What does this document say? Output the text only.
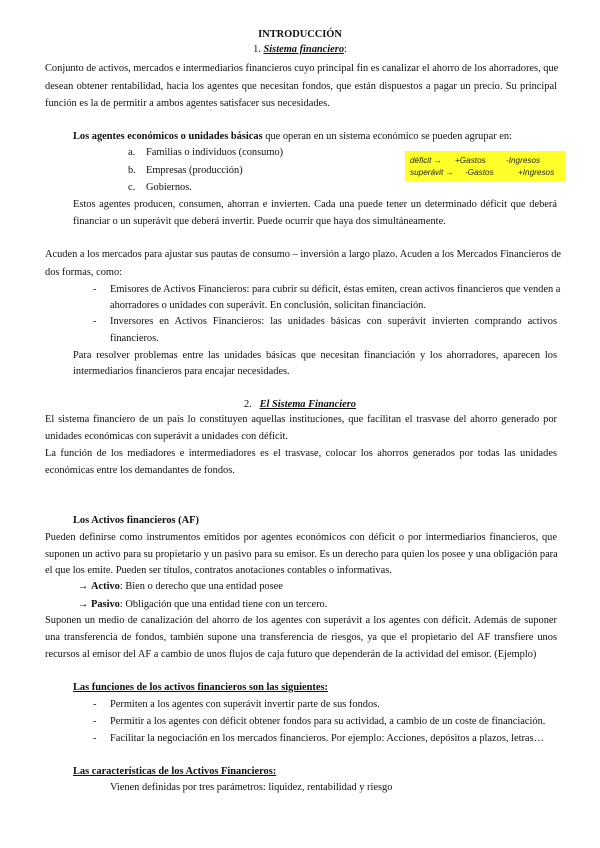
INTRODUCCIÓN
1. Sistema financiero:
Conjunto de activos, mercados e intermediarios financieros cuyo principal fin es canalizar el ahorro de los ahorradores, que
desean obtener rentabilidad, hacia los agentes que necesitan fondos, que están dispuestos a pagar un precio. Su principal
función es la de permitir a ambos agentes satisfacer sus necesidades.
Los agentes económicos o unidades básicas que operan en un sistema económico se pueden agrupar en:
a. Familias o individuos (consumo)
b. Empresas (producción)
c. Gobiernos.
déficit → +Gastos -Ingresos
superávit → -Gastos	+Ingresos
Estos agentes producen, consumen, ahorran e invierten. Cada una puede tener un determinado déficit que deberá
financiar o un superávit que deberá invertir. Puede ocurrir que haya dos simultáneamente.
Acuden a los mercados para ajustar sus pautas de consumo – inversión a largo plazo. Acuden a los Mercados Financieros de
dos formas, como:
- Emisores de Activos Financieros: para cubrir su déficit, éstas emiten, crean activos financieros que venden a
ahorradores o unidades con superávit. En conclusión, solicitan financiación.
- Inversores en Activos Financieros: las unidades básicas con superávit invierten comprando activos
financieros.
Para resolver problemas entre las unidades básicas que necesitan financiación y los ahorradores, aparecen los
intermediarios financieros para encajar necesidades.
2. El Sistema Financiero
El sistema financiero de un país lo constituyen aquellas instituciones, que facilitan el trasvase del ahorro generado por
unidades económicas con superávit a unidades con déficit.
La función de los mediadores e intermediadores es el trasvase, colocar los ahorros generados por todas las unidades
económicas entre los demandantes de fondos.
Los Activos financieros (AF)
Pueden definirse como instrumentos emitidos por agentes económicos con déficit o por intermediarios financieros, que
suponen un activo para su propietario y un pasivo para su emisor. Es un derecho para quien los posee y una obligación para
el que los emite. Pueden ser títulos, contratos anotaciones contables o informativas.
→ Activo: Bien o derecho que una entidad posee
→ Pasivo: Obligación que una entidad tiene con un tercero.
Suponen un medio de canalización del ahorro de los agentes con superávit a los agentes con déficit. Además de suponer
una transferencia de fondos, también supone una transferencia de riesgos, ya que el propietario del AF transfiere unos
recursos al emisor del AF a cambio de unos flujos de caja futuro que dependerán de la actividad del emisor. (Ejemplo)
Las funciones de los activos financieros son las siguientes:
- Permiten a los agentes con superávit invertir parte de sus fondos.
- Permitir a los agentes con déficit obtener fondos para su actividad, a cambio de un coste de financiación.
- Facilitar la negociación en los mercados financieros. Por ejemplo: Acciones, depósitos a plazos, letras…
Las características de los Activos Financieros:
Vienen definidas por tres parámetros: liquidez, rentabilidad y riesgo
